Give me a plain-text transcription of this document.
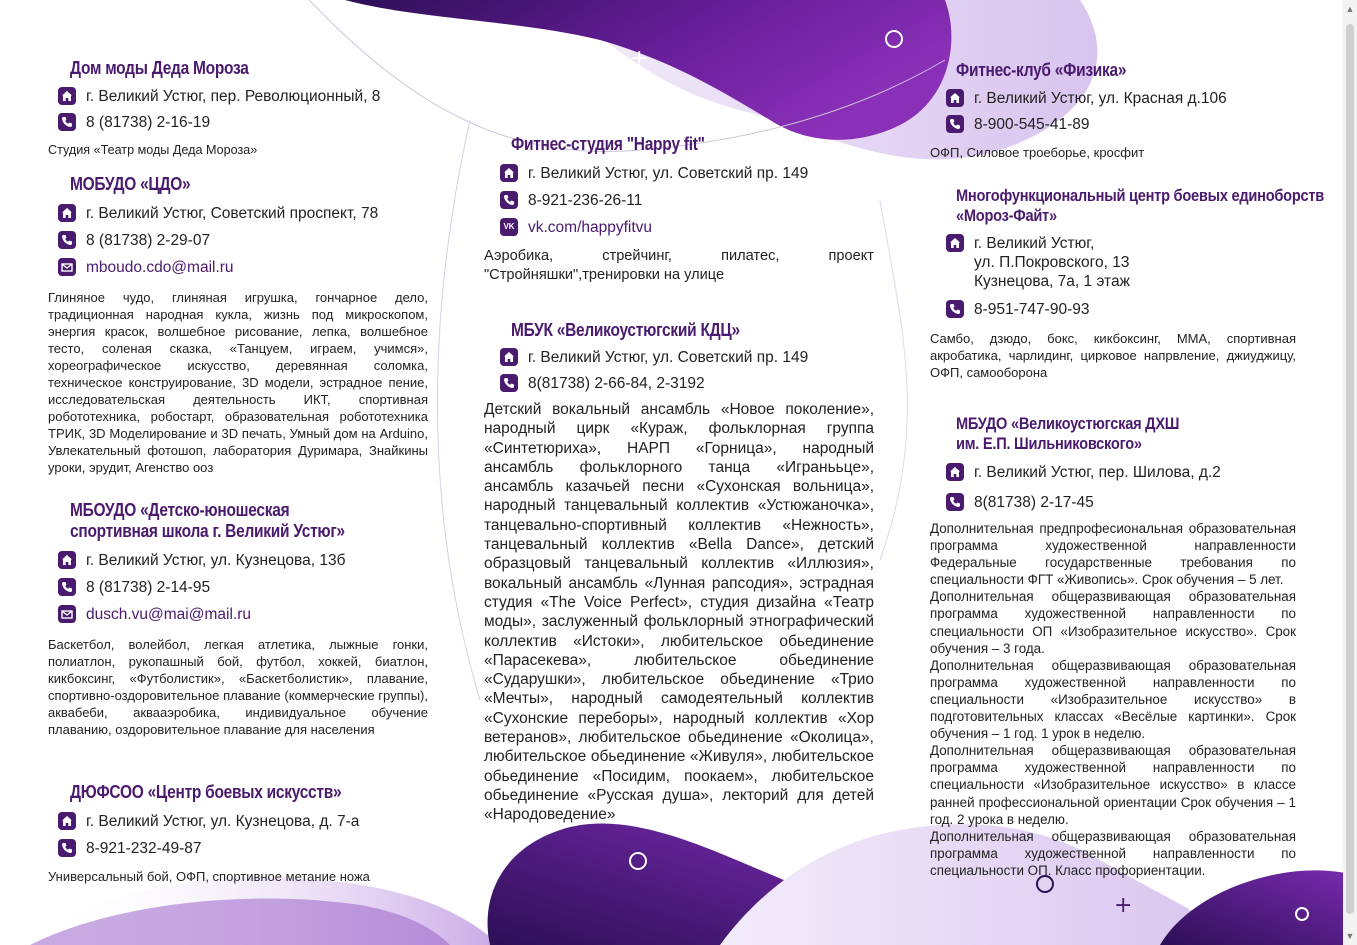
+
+
Дом моды Деда Мороза
г. Великий Устюг, пер. Революционный, 8
8 (81738) 2-16-19
Студия «Театр моды Деда Мороза»
МОБУДО «ЦДО»
г. Великий Устюг, Советский проспект, 78
8 (81738) 2-29-07
mboudo.cdo@mail.ru
Глиняное чудо, глиняная игрушка, гончарное дело, традиционная народная кукла, жизнь под микроскопом, энергия красок, волшебное рисование, лепка, волшебное тесто, соленая сказка, «Танцуем, играем, учимся», хореографическое искусство, деревянная соломка, техническое конструирование, 3D модели, эстрадное пение, исследовательская деятельность ИКТ, спортивная робототехника, робостарт, образовательная робототехника ТРИК, 3D Моделирование и 3D печать, Умный дом на Arduino, Увлекательный фотошоп, лаборатория Дуримара, Знайкины уроки, эрудит, Агенство оoз
МБОУДО «Детско-юношеская
спортивная школа г. Великий Устюг»
г. Великий Устюг, ул. Кузнецова, 13б
8 (81738) 2-14-95
dusch.vu@mai@mail.ru
Баскетбол, волейбол, легкая атлетика, лыжные гонки, полиатлон, рукопашный бой, футбол, хоккей, биатлон, кикбоксинг, «Футболистик», «Баскетболистик», плавание, спортивно-оздоровительное плавание (коммерческие группы), аквабеби, аквааэробика, индивидуальное обучение плаванию, оздоровительное плавание для населения
ДЮФСОО «Центр боевых искусств»
г. Великий Устюг, ул. Кузнецова, д. 7-а
8-921-232-49-87
Универсальный бой, ОФП, спортивное метание ножа
Фитнес-студия "Happy fit"
г. Великий Устюг, ул. Советский пр. 149
8-921-236-26-11
VK vk.com/happyfitvu
Аэробика, стрейчинг, пилатес, проект "Стройняшки",тренировки на улице
МБУК «Великоустюгский КДЦ»
г. Великий Устюг, ул. Советский пр. 149
8(81738) 2-66-84, 2-3192
Детский вокальный ансамбль «Новое поколение», народный цирк «Кураж, фольклорная группа «Синтетюриха», НАРП «Горница», народный ансамбль фольклорного танца «Игранььце», ансамбль казачьей песни «Сухонская вольница», народный танцевальный коллектив «Устюжаночка», танцевально-спортивный коллектив «Нежность», танцевальный коллектив «Bella Dance», детский образцовый танцевальный коллектив «Иллюзия», вокальный ансамбль «Лунная рапсодия», эстрадная студия «The Voice Perfect», студия дизайна «Театр моды», заслуженный фольклорный этнографический коллектив «Истоки», любительское обьединение «Парасекева», любительское обьединение «Сударушки», любительское обьединение «Трио «Мечты», народный самодеятельный коллектив «Сухонские переборы», народный коллектив «Хор ветеранов», любительское обьединение «Околица», любительское обьединение «Живуля», любительское обьединение «Посидим, поокаем», любительское обьединение «Русская душа», лекторий для детей «Народоведение»
Фитнес-клуб «Физика»
г. Великий Устюг, ул. Красная д.106
8-900-545-41-89
ОФП, Силовое троеборье, кросфит
Многофункциональный центр боевых единоборств
«Мороз-Файт»
г. Великий Устюг,
ул. П.Покровского, 13
Кузнецова, 7а, 1 этаж
8-951-747-90-93
Самбо, дзюдо, бокс, кикбоксинг, ММА, спортивная акробатика, чарлидинг, цирковое напрвление, джиуджицу, ОФП, самооборона
МБУДО «Великоустюгская ДХШ
им. Е.П. Шильниковского»
г. Великий Устюг, пер. Шилова, д.2
8(81738) 2-17-45
Дополнительная предпрофесиональная образовательная программа художественной направленности Федеральные государственные требования по специальности ФГТ «Живопись». Срок обучения – 5 лет.
Дополнительная общеразвивающая образовательная программа художественной направленности по специальности ОП «Изобразительное искусство». Срок обучения – 3 года.
Дополнительная общеразвивающая образовательная программа художественной направленности по специальности «Изобразительное искусство» в подготовительных классах «Весёлые картинки». Срок обучения – 1 год. 1 урок в неделю.
Дополнительная общеразвивающая образовательная программа художественной направленности по специальности «Изобразительное искусство» в классе ранней профессиональной ориентации Срок обучения – 1 год. 2 урока в неделю.
Дополнительная общеразвивающая образовательная программа художественной направленности по специальности ОП. Класс профориентации.
▲
▼
